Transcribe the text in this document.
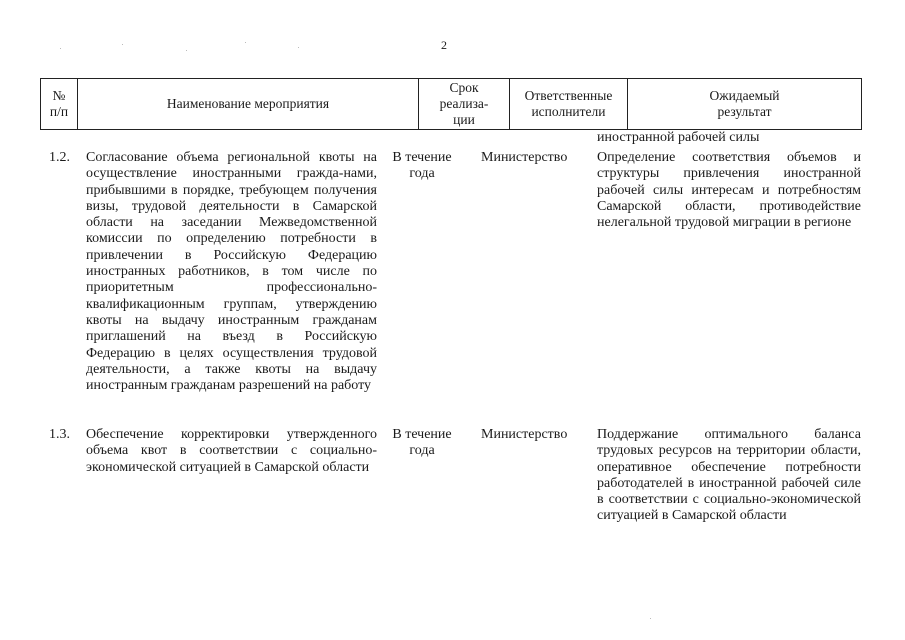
2
№
п/п
Наименование мероприятия
Срок
реализа-
ции
Ответственные
исполнители
Ожидаемый
результат
иностранной рабочей силы
1.2. Согласование объема региональной квоты на осуществление иностранными гражда-нами, прибывшими в порядке, требующем получения визы, трудовой деятельности в Самарской области на заседании Межведомственной комиссии по определению потребности в привлечении в Российскую Федерацию иностранных работников, в том числе по приоритетным профессионально-квалификационным группам, утверждению квоты на выдачу иностранным гражданам приглашений на въезд в Российскую Федерацию в целях осуществления трудовой деятельности, а также квоты на выдачу иностранным гражданам разрешений на работу
В течение года
Министерство	Определение соответствия объемов и структуры привлечения иностранной рабочей силы интересам и потребностям Самарской области, противодействие нелегальной трудовой миграции в регионе
1.3. Обеспечение корректировки утвержденного объема квот в соответствии с социально-экономической ситуацией в Самарской области
В течение года
Министерство	Поддержание оптимального баланса трудовых ресурсов на территории области, оперативное обеспечение потребности работодателей в иностранной рабочей силе в соответствии с социально-экономической ситуацией в Самарской области
